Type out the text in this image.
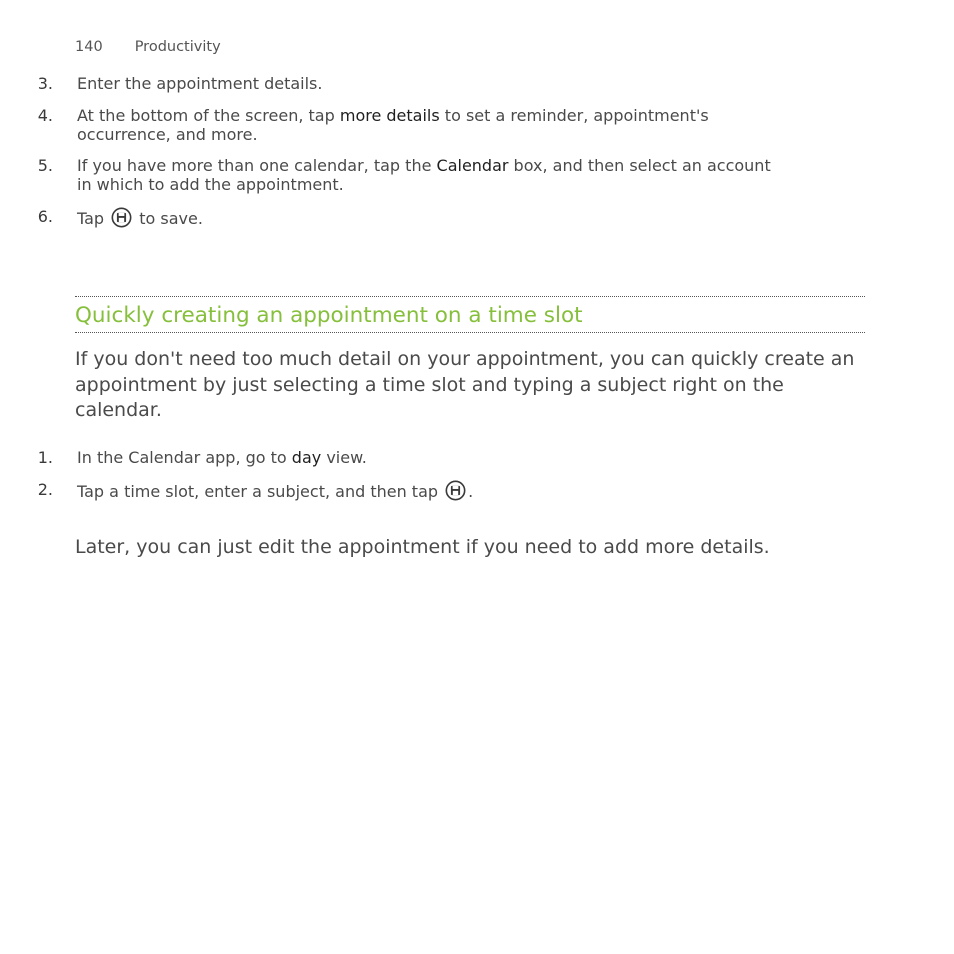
140 Productivity
3. Enter the appointment details.
4. At the bottom of the screen, tap more details to set a reminder, appointment's occurrence, and more.
5. If you have more than one calendar, tap the Calendar box, and then select an account in which to add the appointment.
6. Tap
to save.
Quickly creating an appointment on a time slot

If you don't need too much detail on your appointment, you can quickly create an appointment by just selecting a time slot and typing a subject right on the calendar.

1. In the Calendar app, go to day view.
2. Tap a time slot, enter a subject, and then tap
.

Later, you can just edit the appointment if you need to add more details.
